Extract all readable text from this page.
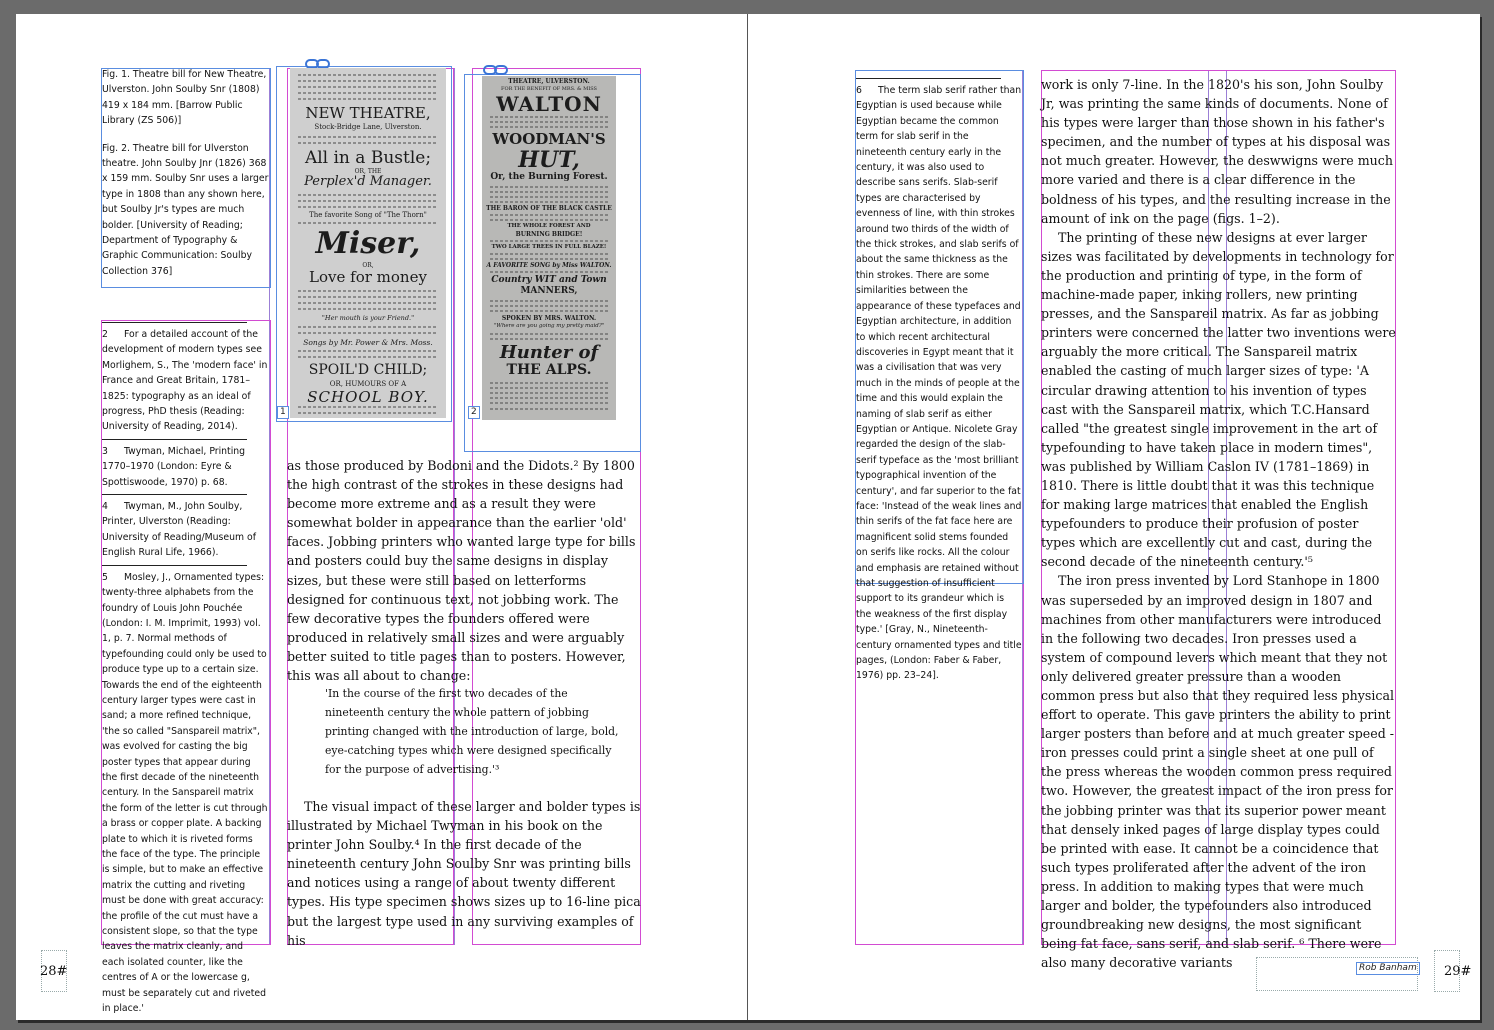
Fig. 1. Theatre bill for New Theatre, Ulverston. John Soulby Snr (1808) 419 x 184 mm. [Barrow Public Library (ZS 506)]

Fig. 2. Theatre bill for Ulverston theatre. John Soulby Jnr (1826) 368 x 159 mm. Soulby Snr uses a larger type in 1808 than any shown here, but Soulby Jr's types are much bolder. [University of Reading; Department of Typography & Graphic Communication: Soulby Collection 376]

2 For a detailed account of the development of modern types see Morlighem, S., The 'modern face' in France and Great Britain, 1781–1825: typography as an ideal of progress, PhD thesis (Reading: University of Reading, 2014).

3 Twyman, Michael, Printing 1770–1970 (London: Eyre & Spottiswoode, 1970) p. 68.

4 Twyman, M., John Soulby, Printer, Ulverston (Reading: University of Reading/Museum of English Rural Life, 1966).

5 Mosley, J., Ornamented types: twenty-three alphabets from the foundry of Louis John Pouchée (London: I. M. Imprimit, 1993) vol. 1, p. 7. Normal methods of typefounding could only be used to produce type up to a certain size. Towards the end of the eighteenth century larger types were cast in sand; a more refined technique, 'the so called "Sanspareil matrix", was evolved for casting the big poster types that appear during the first decade of the nineteenth century. In the Sanspareil matrix the form of the letter is cut through a brass or copper plate. A backing plate to which it is riveted forms the face of the type. The principle is simple, but to make an effective matrix the cutting and riveting must be done with great accuracy: the profile of the cut must have a consistent slope, so that the type leaves the matrix cleanly, and each isolated counter, like the centres of A or the lowercase g, must be separately cut and riveted in place.'

NEW THEATRE,
Stock-Bridge Lane, Ulverston.
All in a Bustle;
OR, THE
Perplex'd Manager.
The favorite Song of "The Thorn"
Miser,
OR,
Love for money
"Her mouth is your Friend."
Songs by Mr. Power & Mrs. Moss.
SPOIL'D CHILD;
OR, HUMOURS OF A
SCHOOL BOY.
THEATRE, ULVERSTON.
FOR THE BENEFIT OF MRS. & MISS
WALTON
WOODMAN'S
HUT,
Or, the Burning Forest.
THE BARON OF THE BLACK CASTLE
THE WHOLE FOREST AND
BURNING BRIDGE!
TWO LARGE TREES IN FULL BLAZE!
A FAVORITE SONG by Miss WALTON.
Country WIT and Town
MANNERS,
SPOKEN BY MRS. WALTON.
"Where are you going my pretty maid?"
Hunter of
THE ALPS.
1	2

as those produced by Bodoni and the Didots.² By 1800 the high contrast of the strokes in these designs had become more extreme and as a result they were somewhat bolder in appearance than the earlier 'old' faces. Jobbing printers who wanted large type for bills and posters could buy the same designs in display sizes, but these were still based on letterforms designed for continuous text, not jobbing work. The few decorative types the founders offered were produced in relatively small sizes and were arguably better suited to title pages than to posters. However, this was all about to change:

'In the course of the first two decades of the nineteenth century the whole pattern of jobbing printing changed with the introduction of large, bold, eye-catching types which were designed specifically for the purpose of advertising.'³

The visual impact of these larger and bolder types is illustrated by Michael Twyman in his book on the printer John Soulby.⁴ In the first decade of the nineteenth century John Soulby Snr was printing bills and notices using a range of about twenty different types. His type specimen shows sizes up to 16-line pica but the largest type used in any surviving examples of his

28#

6 The term slab serif rather than Egyptian is used because while Egyptian became the common term for slab serif in the nineteenth century early in the century, it was also used to describe sans serifs. Slab-serif types are characterised by evenness of line, with thin strokes around two thirds of the width of the thick strokes, and slab serifs of about the same thickness as the thin strokes. There are some similarities between the appearance of these typefaces and Egyptian architecture, in addition to which recent architectural discoveries in Egypt meant that it was a civilisation that was very much in the minds of people at the time and this would explain the naming of slab serif as either Egyptian or Antique. Nicolete Gray regarded the design of the slab-serif typeface as the 'most brilliant typographical invention of the century', and far superior to the fat face: 'Instead of the weak lines and thin serifs of the fat face here are magnificent solid stems founded on serifs like rocks. All the colour and emphasis are retained without that suggestion of insufficient support to its grandeur which is the weakness of the first display type.' [Gray, N., Nineteenth-century ornamented types and title pages, (London: Faber & Faber, 1976) pp. 23–24].

work is only 7-line. In the 1820's his son, John Soulby Jr, was printing the same kinds of documents. None of his types were larger than those shown in his father's specimen, and the number of types at his disposal was not much greater. However, the deswwigns were much more varied and there is a clear difference in the boldness of his types, and the resulting increase in the amount of ink on the page (figs. 1–2).

The printing of these new designs at ever larger sizes was facilitated by developments in technology for the production and printing of type, in the form of machine-made paper, inking rollers, new printing presses, and the Sanspareil matrix. As far as jobbing printers were concerned the latter two inventions were arguably the more critical. The Sanspareil matrix enabled the casting of much larger sizes of type: 'A circular drawing attention to his invention of types cast with the Sanspareil matrix, which T.C.Hansard called "the greatest single improvement in the art of typefounding to have taken place in modern times", was published by William Caslon IV (1781–1869) in 1810. There is little doubt that it was this technique for making large matrices that enabled the English typefounders to produce their profusion of poster types which are excellently cut and cast, during the second decade of the nineteenth century.'⁵

The iron press invented by Lord Stanhope in 1800 was superseded by an improved design in 1807 and machines from other manufacturers were introduced in the following two decades. Iron presses used a system of compound levers which meant that they not only delivered greater pressure than a wooden common press but also that they required less physical effort to operate. This gave printers the ability to print larger posters than before and at much greater speed - iron presses could print a single sheet at one pull of the press whereas the wooden common press required two. However, the greatest impact of the iron press for the jobbing printer was that its superior power meant that densely inked pages of large display types could be printed with ease. It cannot be a coincidence that such types proliferated after the advent of the iron press. In addition to making types that were much larger and bolder, the typefounders also introduced groundbreaking new designs, the most significant being fat face, sans serif, and slab serif. ⁶ There were also many decorative variants	Rob Banham 29#
